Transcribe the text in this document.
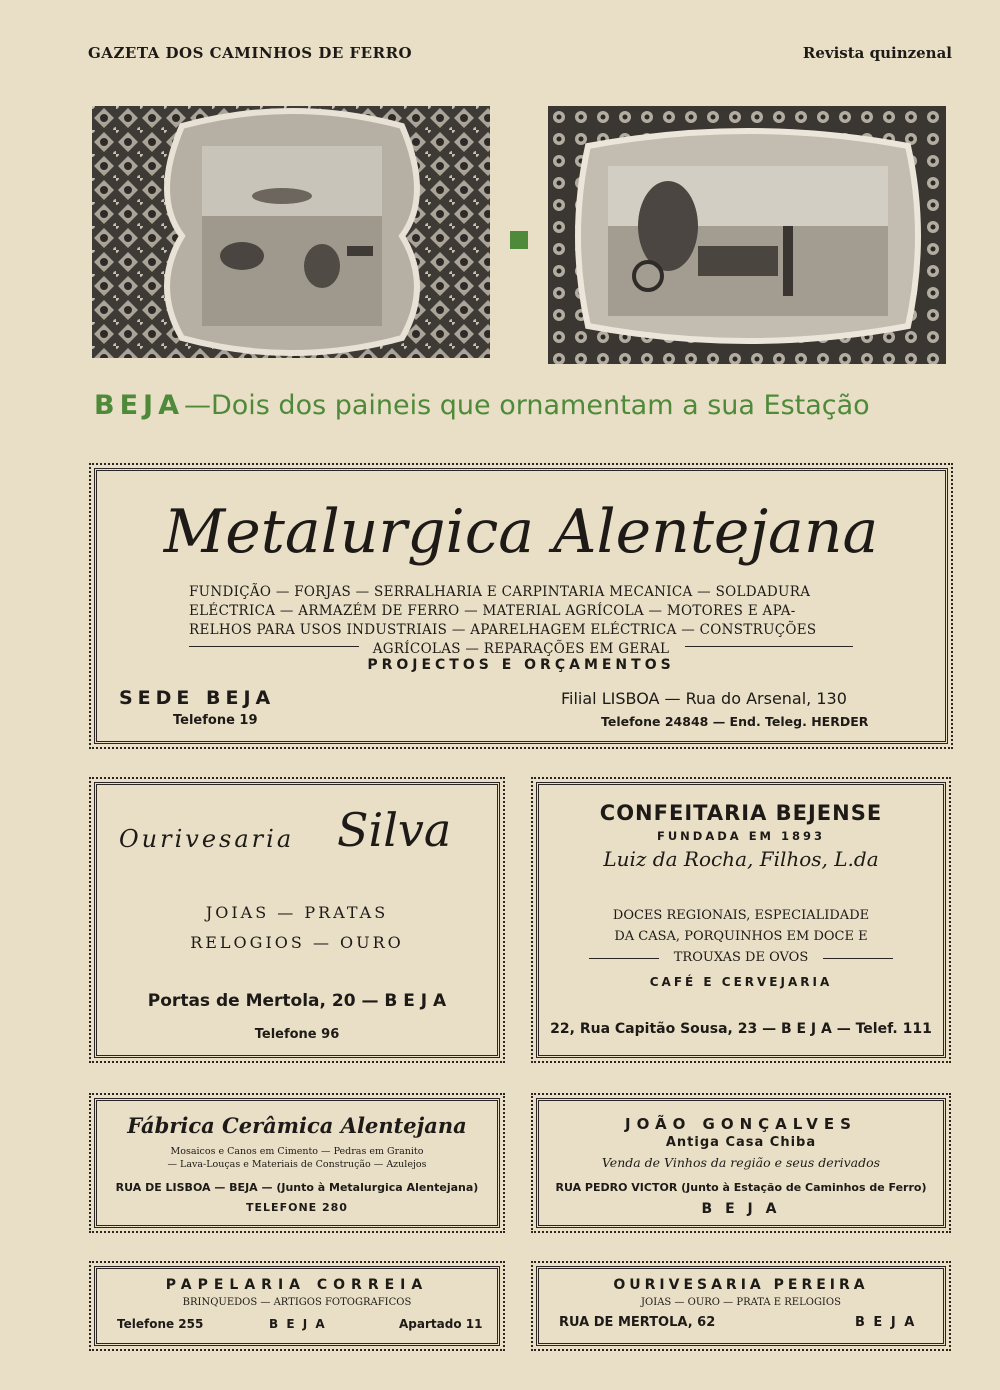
GAZETA DOS CAMINHOS DE FERRO	Revista quinzenal
BEJA—Dois dos paineis que ornamentam a sua Estação
Metalurgica Alentejana
FUNDIÇÃO — FORJAS — SERRALHARIA E CARPINTARIA MECANICA — SOLDADURA
ELÉCTRICA — ARMAZÉM DE FERRO — MATERIAL AGRÍCOLA — MOTORES E APA-
RELHOS PARA USOS INDUSTRIAIS — APARELHAGEM ELÉCTRICA — CONSTRUÇÕES
AGRÍCOLAS — REPARAÇÕES EM GERAL
PROJECTOS E ORÇAMENTOS
SEDE BEJA
Telefone 19
Filial LISBOA — Rua do Arsenal, 130
Telefone 24848 — End. Teleg. HERDER
Ourivesaria Silva
JOIAS — PRATAS
RELOGIOS — OURO
Portas de Mertola, 20 — B E J A
Telefone 96
CONFEITARIA BEJENSE
FUNDADA EM 1893
Luiz da Rocha, Filhos, L.da
DOCES REGIONAIS, ESPECIALIDADE
DA CASA, PORQUINHOS EM DOCE E
TROUXAS DE OVOS
CAFÉ E CERVEJARIA
22, Rua Capitão Sousa, 23 — B E J A — Telef. 111
Fábrica Cerâmica Alentejana
Mosaicos e Canos em Cimento — Pedras em Granito
— Lava-Louças e Materiais de Construção — Azulejos
RUA DE LISBOA — BEJA — (Junto à Metalurgica Alentejana)
TELEFONE 280
JOÃO GONÇALVES
Antiga Casa Chiba
Venda de Vinhos da região e seus derivados
RUA PEDRO VICTOR (Junto à Estação de Caminhos de Ferro)
B E J A
PAPELARIA CORREIA
BRINQUEDOS — ARTIGOS FOTOGRAFICOS
Telefone 255	B E J A	Apartado 11
OURIVESARIA PEREIRA
JOIAS — OURO — PRATA E RELOGIOS
RUA DE MERTOLA, 62	B E J A
